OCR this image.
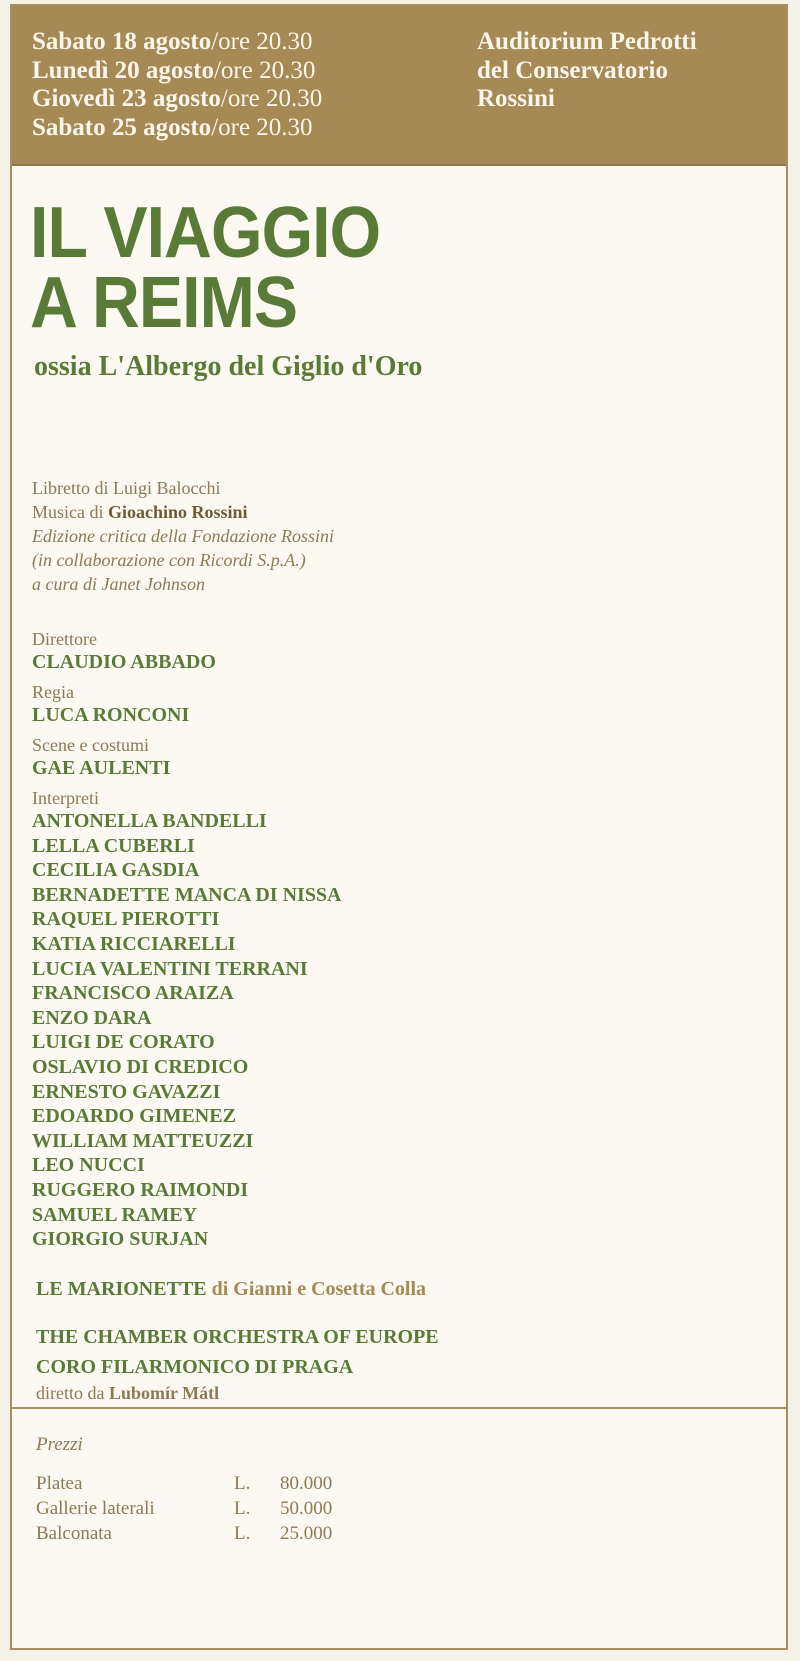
Sabato 18 agosto/ore 20.30
Lunedì 20 agosto/ore 20.30
Giovedì 23 agosto/ore 20.30
Sabato 25 agosto/ore 20.30
Auditorium Pedrotti
del Conservatorio
Rossini
IL VIAGGIO
A REIMS
ossia L'Albergo del Giglio d'Oro
Libretto di Luigi Balocchi
Musica di Gioachino Rossini
Edizione critica della Fondazione Rossini
(in collaborazione con Ricordi S.p.A.)
a cura di Janet Johnson
Direttore
CLAUDIO ABBADO
Regia
LUCA RONCONI
Scene e costumi
GAE AULENTI
Interpreti
ANTONELLA BANDELLI
LELLA CUBERLI
CECILIA GASDIA
BERNADETTE MANCA DI NISSA
RAQUEL PIEROTTI
KATIA RICCIARELLI
LUCIA VALENTINI TERRANI
FRANCISCO ARAIZA
ENZO DARA
LUIGI DE CORATO
OSLAVIO DI CREDICO
ERNESTO GAVAZZI
EDOARDO GIMENEZ
WILLIAM MATTEUZZI
LEO NUCCI
RUGGERO RAIMONDI
SAMUEL RAMEY
GIORGIO SURJAN
LE MARIONETTE di Gianni e Cosetta Colla
THE CHAMBER ORCHESTRA OF EUROPE
CORO FILARMONICO DI PRAGA
diretto da Lubomír Mátl
Prezzi
Platea	L.	80.000
Gallerie laterali	L.	50.000
Balconata	L.	25.000
